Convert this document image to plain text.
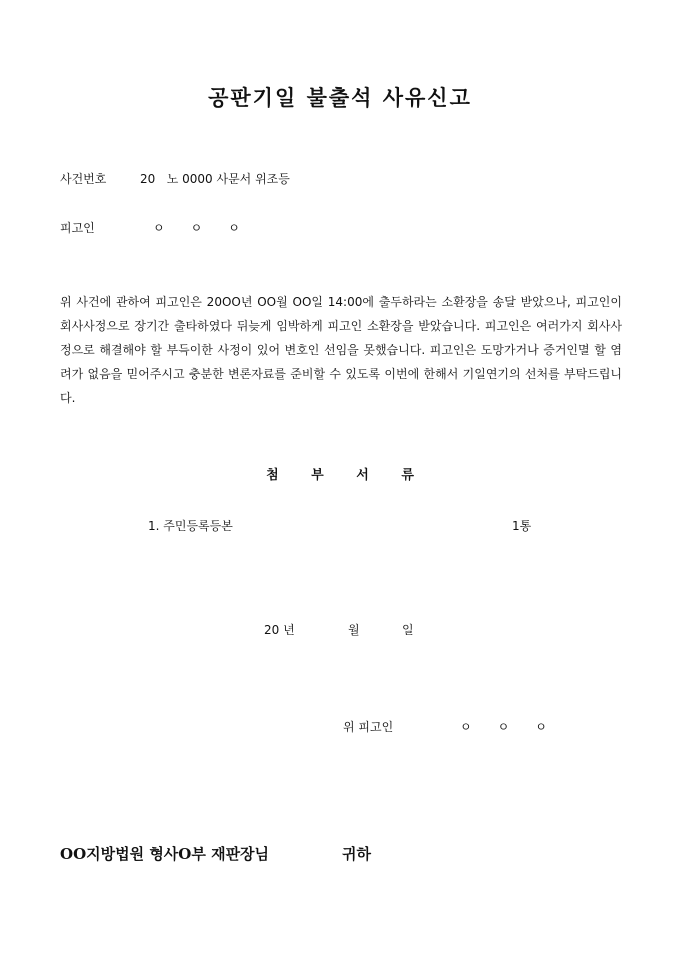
공판기일 불출석 사유신고
사건번호	20   노 0000 사문서 위조등
피고인	ㅇ ㅇ ㅇ

위 사건에 관하여 피고인은 20OO년 OO월 OO일 14:00에 출두하라는 소환장을 송달 받았으나, 피고인이 회사사정으로 장기간 출타하였다 뒤늦게 임박하게 피고인 소환장을 받았습니다. 피고인은 여러가지 회사사정으로 해결해야 할 부득이한 사정이 있어 변호인 선임을 못했습니다. 피고인은 도망가거나 증거인멸 할 염려가 없음을 믿어주시고 충분한 변론자료를 준비할 수 있도록 이번에 한해서 기일연기의 선처를 부탁드립니다.

첨 부 서 류
1. 주민등록등본	1통
20 년	월	일
위 피고인	ㅇ ㅇ ㅇ
OO지방법원 형사O부 재판장님	귀하
